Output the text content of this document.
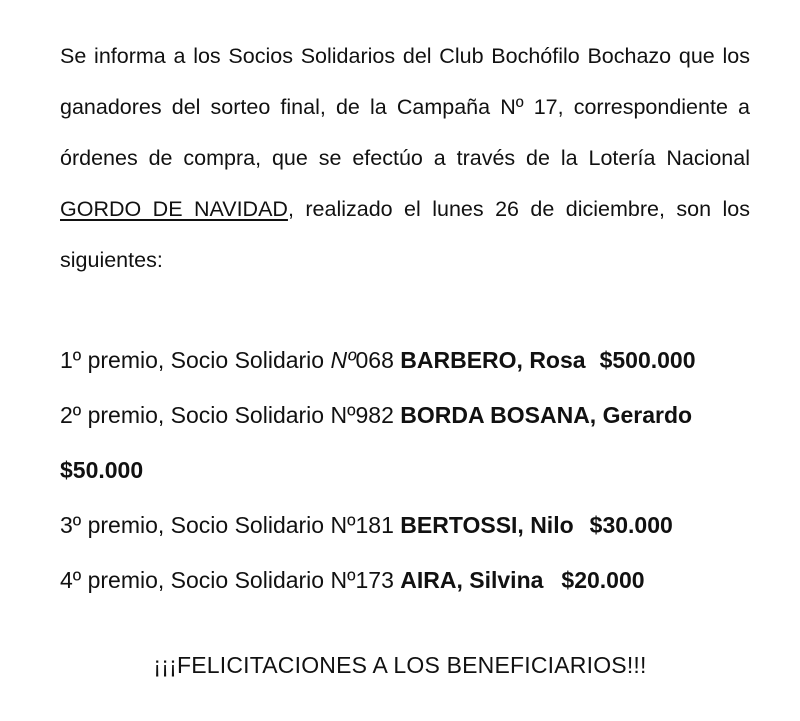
Se informa a los Socios Solidarios del Club Bochófilo Bochazo que los ganadores del sorteo final, de la Campaña Nº 17, correspondiente a órdenes de compra, que se efectúo a través de la Lotería Nacional GORDO DE NAVIDAD, realizado el lunes 26 de diciembre, son los siguientes:

1º premio, Socio Solidario Nº068 BARBERO, Rosa $500.000
2º premio, Socio Solidario Nº982 BORDA BOSANA, Gerardo
$50.000
3º premio, Socio Solidario Nº181 BERTOSSI, Nilo $30.000
4º premio, Socio Solidario Nº173 AIRA, Silvina $20.000
¡¡¡FELICITACIONES A LOS BENEFICIARIOS!!!
